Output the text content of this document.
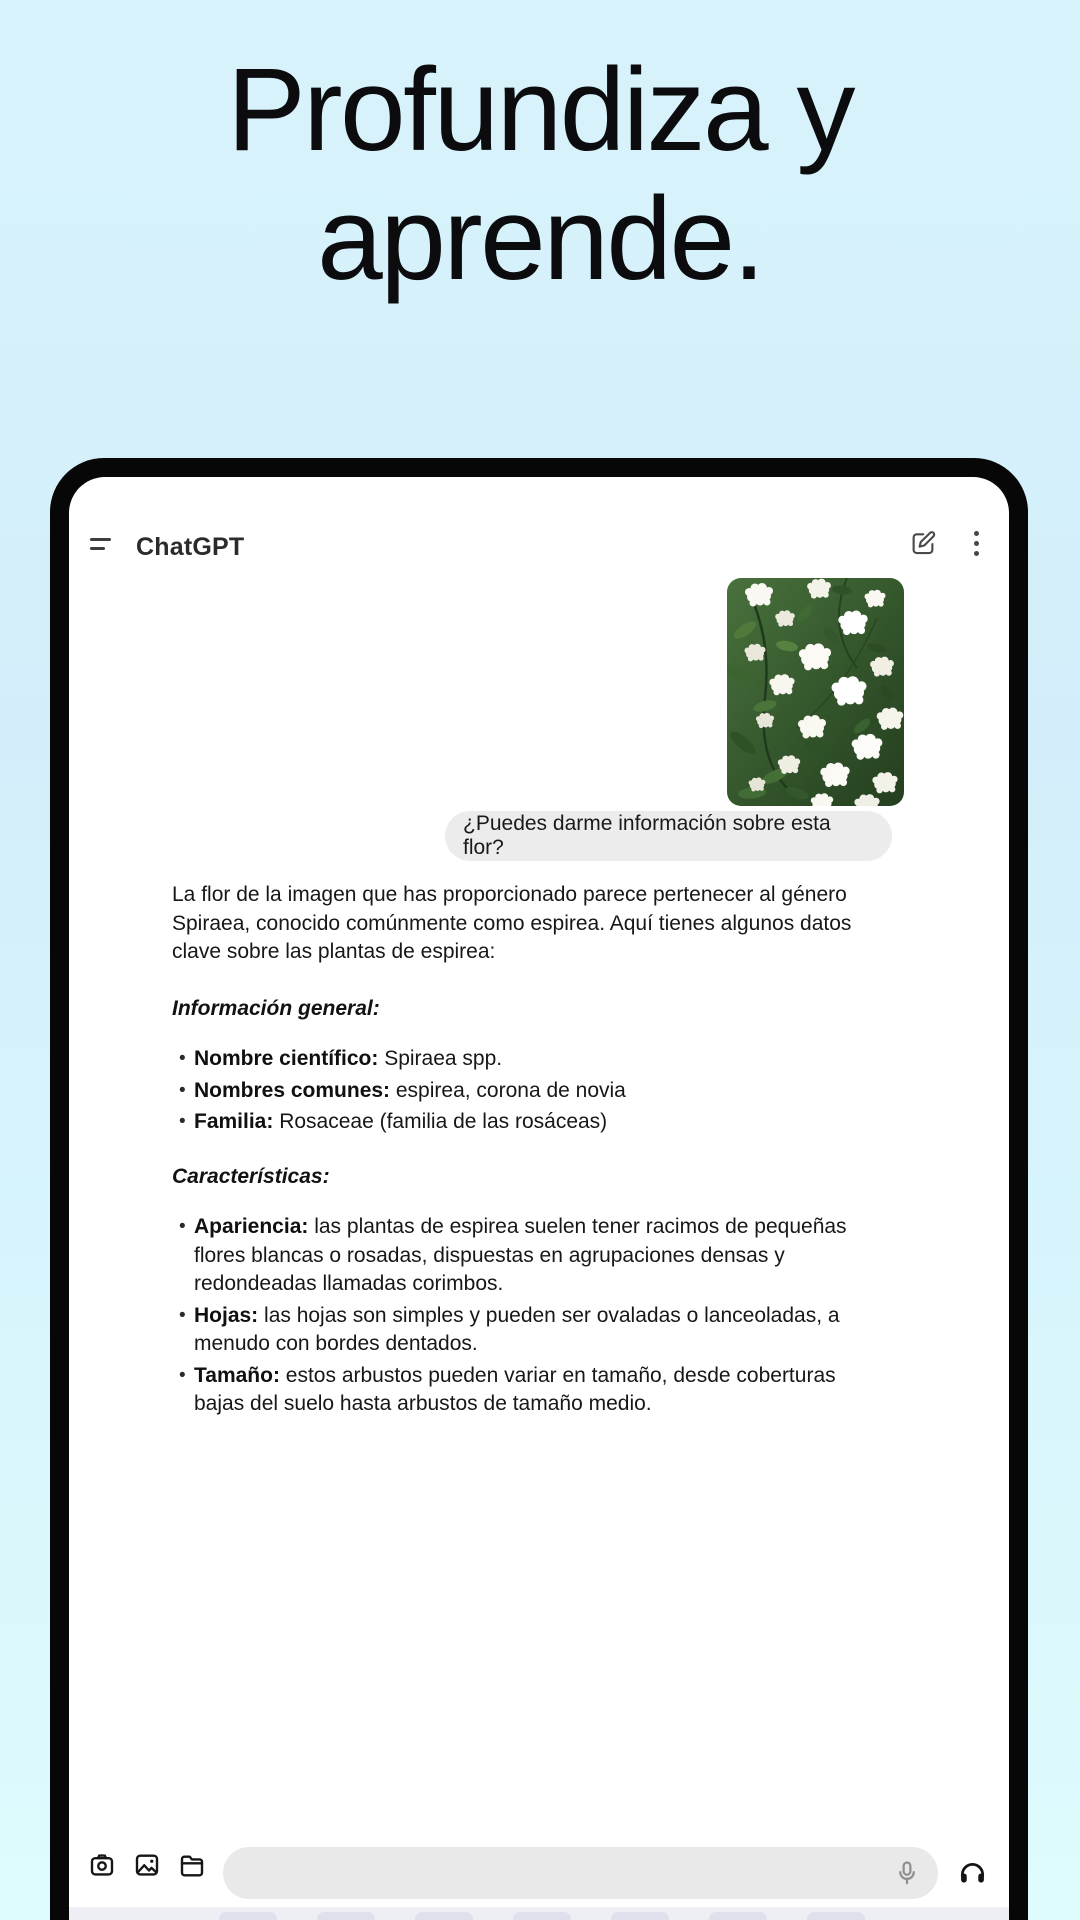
Profundiza y
aprende.
ChatGPT
¿Puedes darme información sobre esta flor?

La flor de la imagen que has proporcionado parece pertenecer al género Spiraea, conocido comúnmente como espirea. Aquí tienes algunos datos clave sobre las plantas de espirea:

Información general:
• Nombre científico: Spiraea spp.
• Nombres comunes: espirea, corona de novia
• Familia: Rosaceae (familia de las rosáceas)
Características:
• Apariencia: las plantas de espirea suelen tener racimos de pequeñas flores blancas o rosadas, dispuestas en agrupaciones densas y redondeadas llamadas corimbos.
• Hojas: las hojas son simples y pueden ser ovaladas o lanceoladas, a menudo con bordes dentados.
• Tamaño: estos arbustos pueden variar en tamaño, desde coberturas bajas del suelo hasta arbustos de tamaño medio.
